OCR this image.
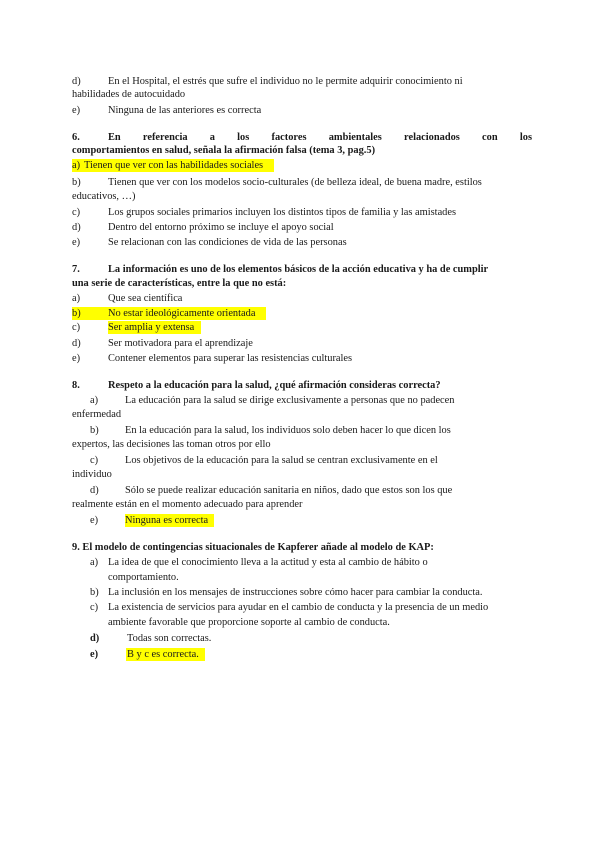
d)	En el Hospital, el estrés que sufre el individuo no le permite adquirir conocimiento ni
habilidades de autocuidado
e)	Ninguna de las anteriores es correcta
6.	En referencia a los factores ambientales relacionados con los
comportamientos en salud, señala la afirmación falsa (tema 3, pag.5)
a) Tienen que ver con las habilidades sociales
b)	Tienen que ver con los modelos socio-culturales (de belleza ideal, de buena madre, estilos
educativos, …)
c)	Los grupos sociales primarios incluyen los distintos tipos de familia y las amistades
d)	Dentro del entorno próximo se incluye el apoyo social
e)	Se relacionan con las condiciones de vida de las personas
7.	La información es uno de los elementos básicos de la acción educativa y ha de cumplir
una serie de características, entre la que no está:
a)	Que sea científica
b)	No estar ideológicamente orientada
c)	Ser amplia y extensa
d)	Ser motivadora para el aprendizaje
e)	Contener elementos para superar las resistencias culturales
8.	Respeto a la educación para la salud, ¿qué afirmación consideras correcta?
a)	La educación para la salud se dirige exclusivamente a personas que no padecen
enfermedad
b)	En la educación para la salud, los individuos solo deben hacer lo que dicen los
expertos, las decisiones las toman otros por ello
c)	Los objetivos de la educación para la salud se centran exclusivamente en el
individuo
d)	Sólo se puede realizar educación sanitaria en niños, dado que estos son los que
realmente están en el momento adecuado para aprender
e)	Ninguna es correcta
9. El modelo de contingencias situacionales de Kapferer añade al modelo de KAP:
a) La idea de que el conocimiento lleva a la actitud y esta al cambio de hábito o
comportamiento.
b) La inclusión en los mensajes de instrucciones sobre cómo hacer para cambiar la conducta.
c) La existencia de servicios para ayudar en el cambio de conducta y la presencia de un medio
ambiente favorable que proporcione soporte al cambio de conducta.
d)	Todas son correctas.
e)	B y c es correcta.
